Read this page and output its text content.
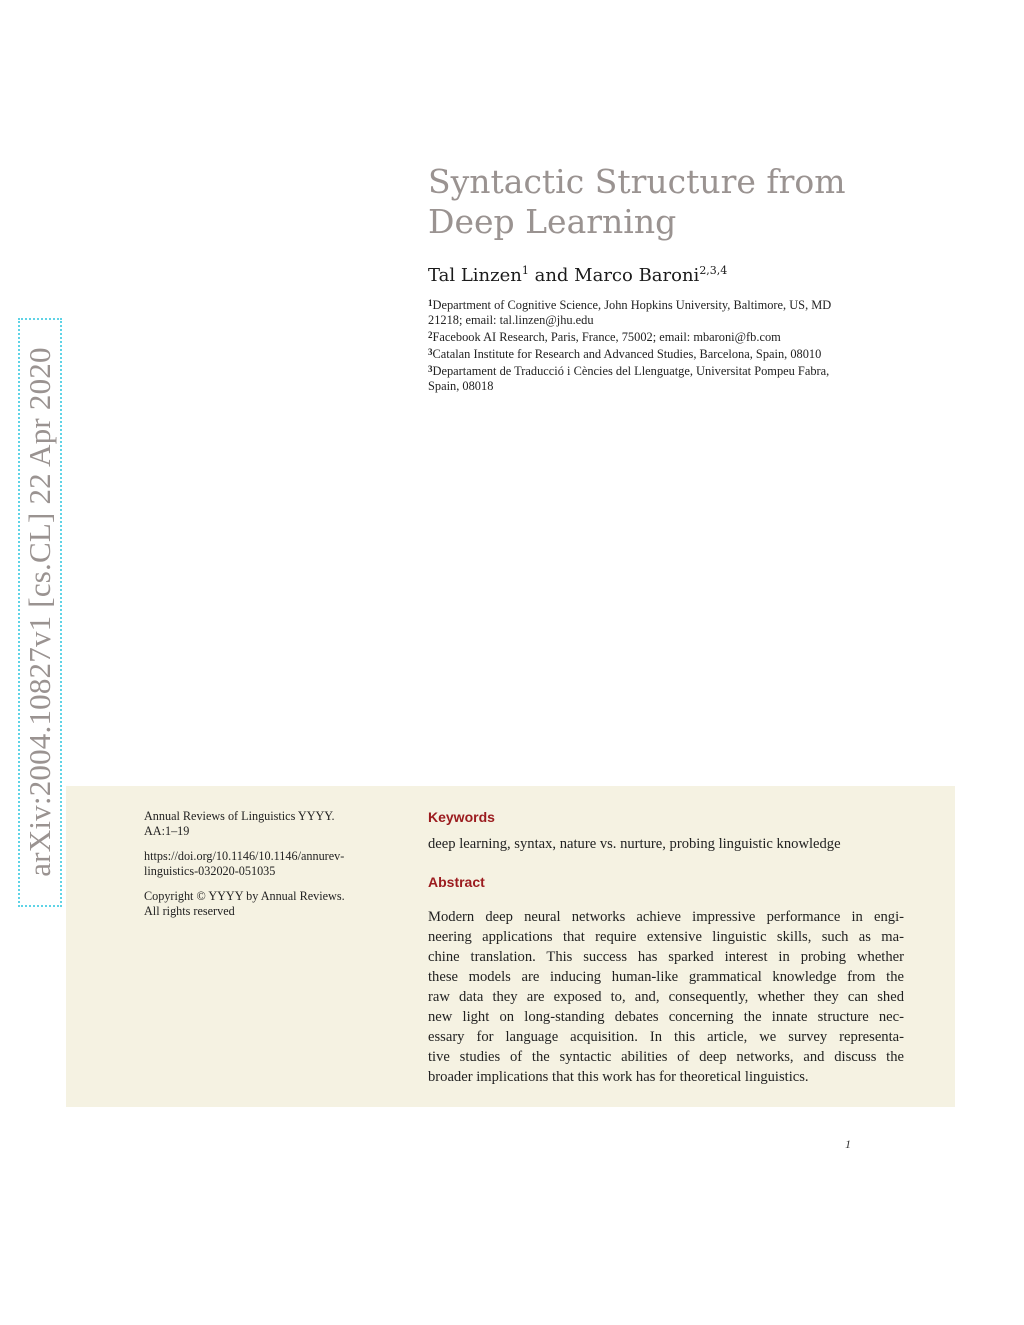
arXiv:2004.10827v1 [cs.CL] 22 Apr 2020
Syntactic Structure from
Deep Learning
Tal Linzen$^1$ and Marco Baroni$^{2,3,4}$
$^1$Department of Cognitive Science, John Hopkins University, Baltimore, US, MD
21218; email: tal.linzen@jhu.edu
$^2$Facebook AI Research, Paris, France, 75002; email: mbaroni@fb.com
$^3$Catalan Institute for Research and Advanced Studies, Barcelona, Spain, 08010
$^3$Departament de Traducció i Cències del Llenguatge, Universitat Pompeu Fabra,
Spain, 08018

Annual Reviews of Linguistics YYYY.
AA:1–19

https://doi.org/10.1146/10.1146/annurev-
linguistics-032020-051035

Copyright © YYYY by Annual Reviews.
All rights reserved

Keywords
deep learning, syntax, nature vs. nurture, probing linguistic knowledge
Abstract
Modern deep neural networks achieve impressive performance in engi-
neering applications that require extensive linguistic skills, such as ma-
chine translation. This success has sparked interest in probing whether
these models are inducing human-like grammatical knowledge from the
raw data they are exposed to, and, consequently, whether they can shed
new light on long-standing debates concerning the innate structure nec-
essary for language acquisition. In this article, we survey representa-
tive studies of the syntactic abilities of deep networks, and discuss the
broader implications that this work has for theoretical linguistics.
1
